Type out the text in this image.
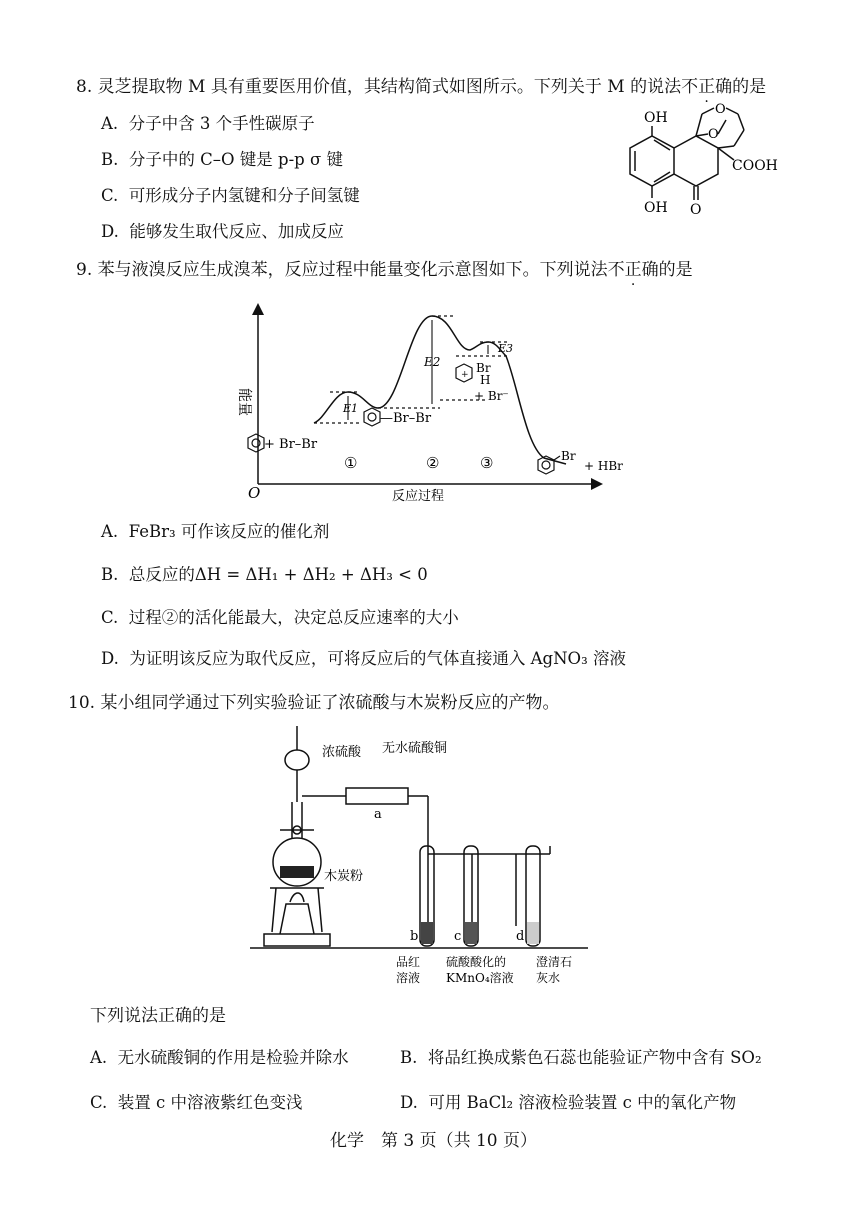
8. 灵芝提取物 M 具有重要医用价值，其结构简式如图所示。下列关于 M 的说法不正确的是
A. 分子中含 3 个手性碳原子
B. 分子中的 C–O 键是 p-p σ 键
C. 可形成分子内氢键和分子间氢键
D. 能够发生取代反应、加成反应
OH
OH O
O
O
COOH
9. 苯与液溴反应生成溴苯，反应过程中能量变化示意图如下。下列说法不正确的是
能量
O	反应过程
①	②	③
E1
E2
E3
+ Br–Br
—Br–Br
+ Br
H
+ Br⁻
Br
+ HBr
A. FeBr₃ 可作该反应的催化剂
B. 总反应的ΔH = ΔH₁ + ΔH₂ + ΔH₃ < 0
C. 过程②的活化能最大，决定总反应速率的大小
D. 为证明该反应为取代反应，可将反应后的气体直接通入 AgNO₃ 溶液
10. 某小组同学通过下列实验验证了浓硫酸与木炭粉反应的产物。
浓硫酸 无水硫酸铜
a
木炭粉
b	c	d
品红
溶液
硫酸酸化的
KMnO₄溶液
澄清石
灰水
下列说法正确的是
A. 无水硫酸铜的作用是检验并除水	B. 将品红换成紫色石蕊也能验证产物中含有 SO₂
C. 装置 c 中溶液紫红色变浅	D. 可用 BaCl₂ 溶液检验装置 c 中的氧化产物
化学　第 3 页（共 10 页）
